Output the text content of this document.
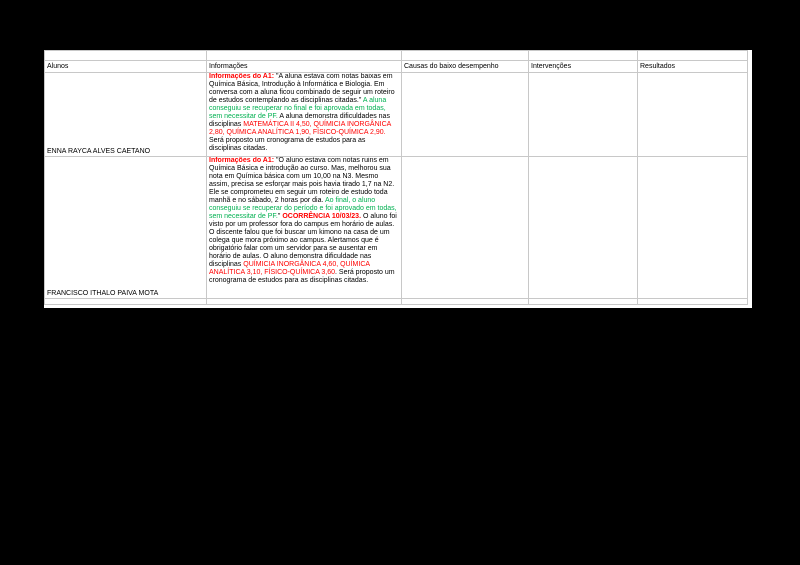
Alunos	Informações	Causas do baixo desempenho	Intervenções	Resultados
ENNA RAYCA ALVES CAETANO	Informações do A1: "A aluna estava com notas baixas em Química Básica, Introdução à Informática e Biologia. Em conversa com a aluna ficou combinado de seguir um roteiro de estudos contemplando as disciplinas citadas." A aluna conseguiu se recuperar no final e foi aprovada em todas, sem necessitar de PF. A aluna demonstra dificuldades nas disciplinas MATEMÁTICA II 4,50, QUÍMICIA INORGÂNICA 2,80, QUÍMICA ANALÍTICA 1,90, FÍSICO-QUÍMICA 2,90. Será proposto um cronograma de estudos para as disciplinas citadas.			
FRANCISCO ITHALO PAIVA MOTA	Informações do A1: "O aluno estava com notas ruins em Química Básica e introdução ao curso. Mas, melhorou sua nota em Química básica com um 10,00 na N3. Mesmo assim, precisa se esforçar mais pois havia tirado 1,7 na N2. Ele se comprometeu em seguir um roteiro de estudo toda manhã e no sábado, 2 horas por dia. Ao final, o aluno conseguiu se recuperar do período e foi aprovado em todas, sem necessitar de PF." OCORRÊNCIA 10/03/23. O aluno foi visto por um professor fora do campus em horário de aulas. O discente falou que foi buscar um kimono na casa de um colega que mora próximo ao campus. Alertamos que é obrigatório falar com um servidor para se ausentar em horário de aulas. O aluno demonstra dificuldade nas disciplinas QUÍMICIA INORGÂNICA 4,60, QUÍMICA ANALÍTICA 3,10, FÍSICO-QUÍMICA 3,60. Será proposto um cronograma de estudos para as disciplinas citadas.			
